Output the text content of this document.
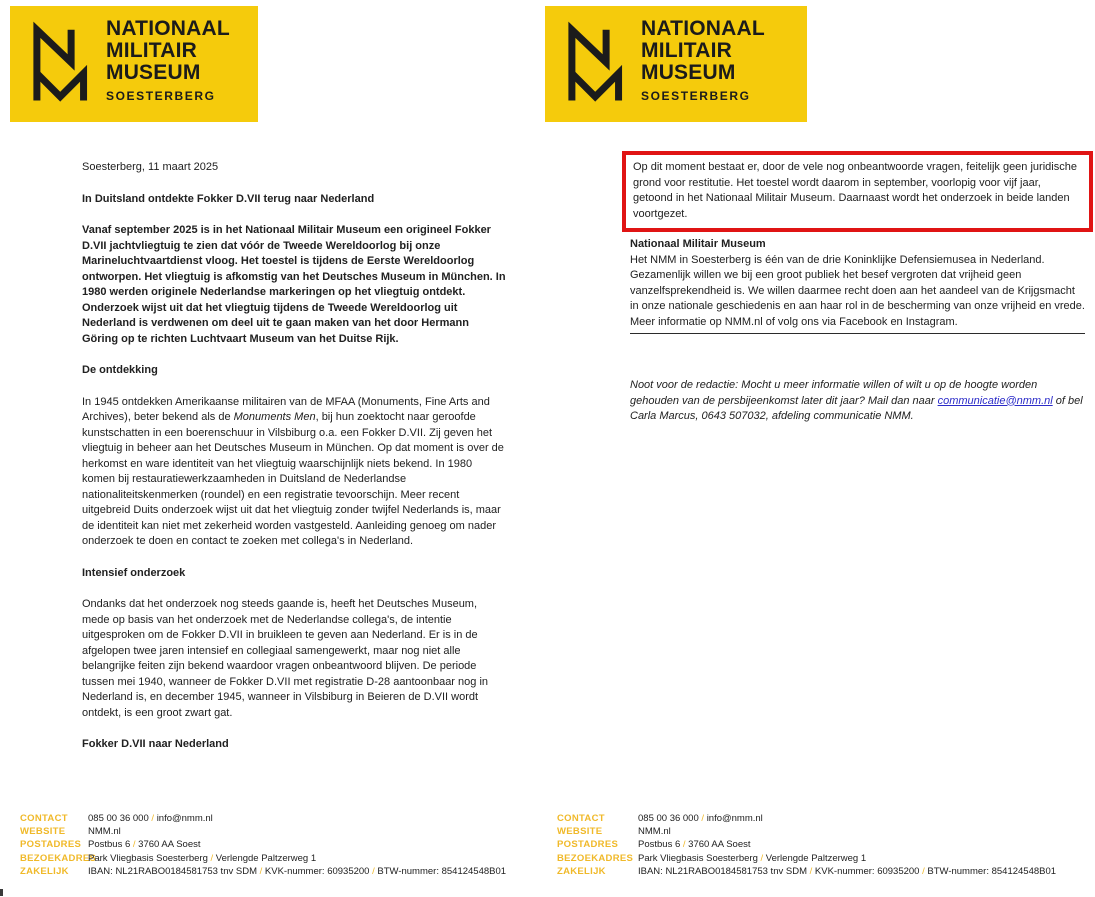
NATIONAAL
MILITAIR
MUSEUM
SOESTERBERG

Soesterberg, 11 maart 2025

In Duitsland ontdekte Fokker D.VII terug naar Nederland

Vanaf september 2025 is in het Nationaal Militair Museum een origineel Fokker D.VII jachtvliegtuig te zien dat vóór de Tweede Wereldoorlog bij onze Marineluchtvaartdienst vloog. Het toestel is tijdens de Eerste Wereldoorlog ontworpen. Het vliegtuig is afkomstig van het Deutsches Museum in München. In 1980 werden originele Nederlandse markeringen op het vliegtuig ontdekt. Onderzoek wijst uit dat het vliegtuig tijdens de Tweede Wereldoorlog uit Nederland is verdwenen om deel uit te gaan maken van het door Hermann Göring op te richten Luchtvaart Museum van het Duitse Rijk.

De ontdekking

In 1945 ontdekken Amerikaanse militairen van de MFAA (Monuments, Fine Arts and Archives), beter bekend als de Monuments Men, bij hun zoektocht naar geroofde kunstschatten in een boerenschuur in Vilsbiburg o.a. een Fokker D.VII. Zij geven het vliegtuig in beheer aan het Deutsches Museum in München. Op dat moment is over de herkomst en ware identiteit van het vliegtuig waarschijnlijk niets bekend. In 1980 komen bij restauratiewerkzaamheden in Duitsland de Nederlandse nationaliteitskenmerken (roundel) en een registratie tevoorschijn. Meer recent uitgebreid Duits onderzoek wijst uit dat het vliegtuig zonder twijfel Nederlands is, maar de identiteit kan niet met zekerheid worden vastgesteld. Aanleiding genoeg om nader onderzoek te doen en contact te zoeken met collega's in Nederland.

Intensief onderzoek

Ondanks dat het onderzoek nog steeds gaande is, heeft het Deutsches Museum, mede op basis van het onderzoek met de Nederlandse collega's, de intentie uitgesproken om de Fokker D.VII in bruikleen te geven aan Nederland. Er is in de afgelopen twee jaren intensief en collegiaal samengewerkt, maar nog niet alle belangrijke feiten zijn bekend waardoor vragen onbeantwoord blijven. De periode tussen mei 1940, wanneer de Fokker D.VII met registratie D-28 aantoonbaar nog in Nederland is, en december 1945, wanneer in Vilsbiburg in Beieren de D.VII wordt ontdekt, is een groot zwart gat.

Fokker D.VII naar Nederland
CONTACT	085 00 36 000 / info@nmm.nl
WEBSITE	NMM.nl
POSTADRES Postbus 6 / 3760 AA Soest
BEZOEKADRES
Park Vliegbasis Soesterberg / Verlengde Paltzerweg 1
ZAKELIJK	IBAN: NL21RABO0184581753 tnv SDM / KVK-nummer: 60935200 / BTW-nummer: 854124548B01
NATIONAAL
MILITAIR
MUSEUM
SOESTERBERG

Op dit moment bestaat er, door de vele nog onbeantwoorde vragen, feitelijk geen juridische grond voor restitutie. Het toestel wordt daarom in september, voorlopig voor vijf jaar, getoond in het Nationaal Militair Museum. Daarnaast wordt het onderzoek in beide landen voortgezet.

Nationaal Militair Museum

Het NMM in Soesterberg is één van de drie Koninklijke Defensiemusea in Nederland. Gezamenlijk willen we bij een groot publiek het besef vergroten dat vrijheid geen vanzelfsprekendheid is. We willen daarmee recht doen aan het aandeel van de Krijgsmacht in onze nationale geschiedenis en aan haar rol in de bescherming van onze vrijheid en vrede. Meer informatie op NMM.nl of volg ons via Facebook en Instagram.

Noot voor de redactie: Mocht u meer informatie willen of wilt u op de hoogte worden gehouden van de persbijeenkomst later dit jaar? Mail dan naar communicatie@nmm.nl of bel Carla Marcus, 0643 507032, afdeling communicatie NMM.

CONTACT	085 00 36 000 / info@nmm.nl
WEBSITE	NMM.nl
POSTADRES	Postbus 6 / 3760 AA Soest
BEZOEKADRES Park Vliegbasis Soesterberg / Verlengde Paltzerweg 1
ZAKELIJK	IBAN: NL21RABO0184581753 tnv SDM / KVK-nummer: 60935200 / BTW-nummer: 854124548B01
